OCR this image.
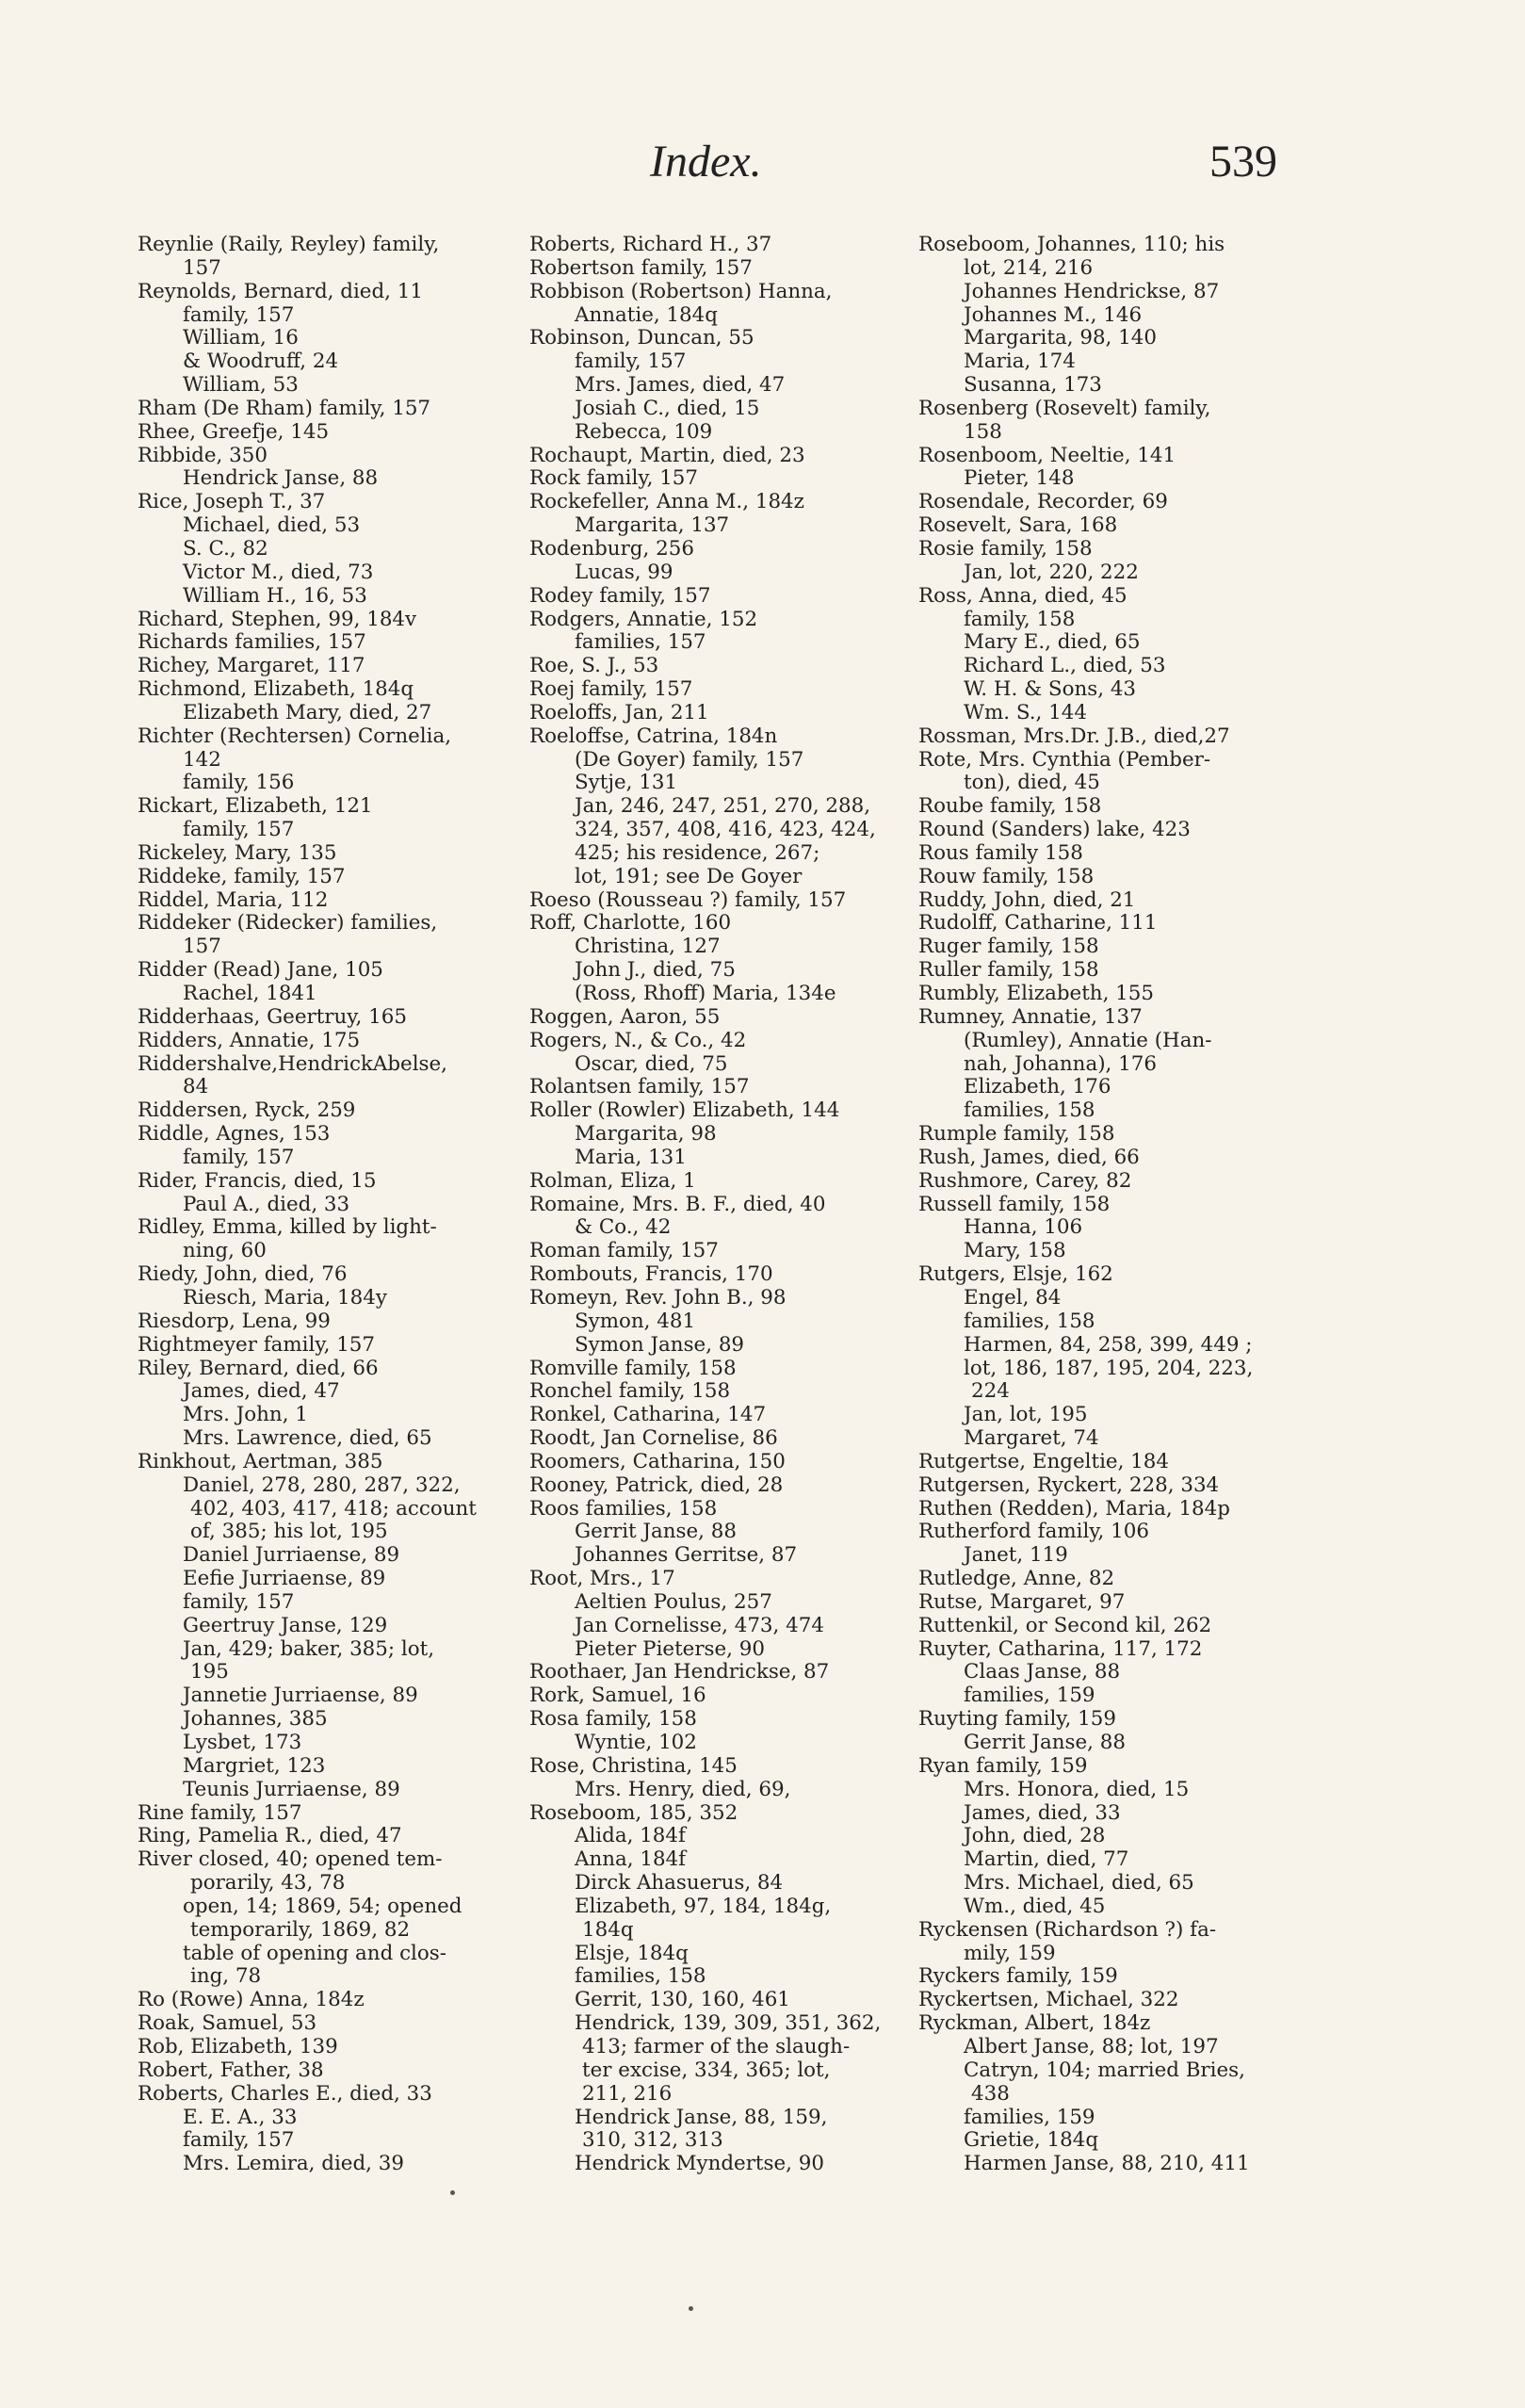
Index.	539
Reynlie (Raily, Reyley) family,
157
Reynolds, Bernard, died, 11
family, 157
William, 16
& Woodruff, 24
William, 53
Rham (De Rham) family, 157
Rhee, Greefje, 145
Ribbide, 350
Hendrick Janse, 88
Rice, Joseph T., 37
Michael, died, 53
S. C., 82
Victor M., died, 73
William H., 16, 53
Richard, Stephen, 99, 184v
Richards families, 157
Richey, Margaret, 117
Richmond, Elizabeth, 184q
Elizabeth Mary, died, 27
Richter (Rechtersen) Cornelia,
142
family, 156
Rickart, Elizabeth, 121
family, 157
Rickeley, Mary, 135
Riddeke, family, 157
Riddel, Maria, 112
Riddeker (Ridecker) families,
157
Ridder (Read) Jane, 105
Rachel, 1841
Ridderhaas, Geertruy, 165
Ridders, Annatie, 175
Riddershalve,HendrickAbelse,
84
Riddersen, Ryck, 259
Riddle, Agnes, 153
family, 157
Rider, Francis, died, 15
Paul A., died, 33
Ridley, Emma, killed by light-
ning, 60
Riedy, John, died, 76
Riesch, Maria, 184y
Riesdorp, Lena, 99
Rightmeyer family, 157
Riley, Bernard, died, 66
James, died, 47
Mrs. John, 1
Mrs. Lawrence, died, 65
Rinkhout, Aertman, 385
Daniel, 278, 280, 287, 322,
402, 403, 417, 418; account
of, 385; his lot, 195
Daniel Jurriaense, 89
Eefie Jurriaense, 89
family, 157
Geertruy Janse, 129
Jan, 429; baker, 385; lot,
195
Jannetie Jurriaense, 89
Johannes, 385
Lysbet, 173
Margriet, 123
Teunis Jurriaense, 89
Rine family, 157
Ring, Pamelia R., died, 47
River closed, 40; opened tem-
porarily, 43, 78
open, 14; 1869, 54; opened
temporarily, 1869, 82
table of opening and clos-
ing, 78
Ro (Rowe) Anna, 184z
Roak, Samuel, 53
Rob, Elizabeth, 139
Robert, Father, 38
Roberts, Charles E., died, 33
E. E. A., 33
family, 157
Mrs. Lemira, died, 39
Roberts, Richard H., 37
Robertson family, 157
Robbison (Robertson) Hanna,
Annatie, 184q
Robinson, Duncan, 55
family, 157
Mrs. James, died, 47
Josiah C., died, 15
Rebecca, 109
Rochaupt, Martin, died, 23
Rock family, 157
Rockefeller, Anna M., 184z
Margarita, 137
Rodenburg, 256
Lucas, 99
Rodey family, 157
Rodgers, Annatie, 152
families, 157
Roe, S. J., 53
Roej family, 157
Roeloffs, Jan, 211
Roeloffse, Catrina, 184n
(De Goyer) family, 157
Sytje, 131
Jan, 246, 247, 251, 270, 288,
324, 357, 408, 416, 423, 424,
425; his residence, 267;
lot, 191; see De Goyer
Roeso (Rousseau ?) family, 157
Roff, Charlotte, 160
Christina, 127
John J., died, 75
(Ross, Rhoff) Maria, 134e
Roggen, Aaron, 55
Rogers, N., & Co., 42
Oscar, died, 75
Rolantsen family, 157
Roller (Rowler) Elizabeth, 144
Margarita, 98
Maria, 131
Rolman, Eliza, 1
Romaine, Mrs. B. F., died, 40
& Co., 42
Roman family, 157
Rombouts, Francis, 170
Romeyn, Rev. John B., 98
Symon, 481
Symon Janse, 89
Romville family, 158
Ronchel family, 158
Ronkel, Catharina, 147
Roodt, Jan Cornelise, 86
Roomers, Catharina, 150
Rooney, Patrick, died, 28
Roos families, 158
Gerrit Janse, 88
Johannes Gerritse, 87
Root, Mrs., 17
Aeltien Poulus, 257
Jan Cornelisse, 473, 474
Pieter Pieterse, 90
Roothaer, Jan Hendrickse, 87
Rork, Samuel, 16
Rosa family, 158
Wyntie, 102
Rose, Christina, 145
Mrs. Henry, died, 69,
Roseboom, 185, 352
Alida, 184f
Anna, 184f
Dirck Ahasuerus, 84
Elizabeth, 97, 184, 184g,
184q
Elsje, 184q
families, 158
Gerrit, 130, 160, 461
Hendrick, 139, 309, 351, 362,
413; farmer of the slaugh-
ter excise, 334, 365; lot,
211, 216
Hendrick Janse, 88, 159,
310, 312, 313
Hendrick Myndertse, 90
Roseboom, Johannes, 110; his
lot, 214, 216
Johannes Hendrickse, 87
Johannes M., 146
Margarita, 98, 140
Maria, 174
Susanna, 173
Rosenberg (Rosevelt) family,
158
Rosenboom, Neeltie, 141
Pieter, 148
Rosendale, Recorder, 69
Rosevelt, Sara, 168
Rosie family, 158
Jan, lot, 220, 222
Ross, Anna, died, 45
family, 158
Mary E., died, 65
Richard L., died, 53
W. H. & Sons, 43
Wm. S., 144
Rossman, Mrs.Dr. J.B., died,27
Rote, Mrs. Cynthia (Pember-
ton), died, 45
Roube family, 158
Round (Sanders) lake, 423
Rous family 158
Rouw family, 158
Ruddy, John, died, 21
Rudolff, Catharine, 111
Ruger family, 158
Ruller family, 158
Rumbly, Elizabeth, 155
Rumney, Annatie, 137
(Rumley), Annatie (Han-
nah, Johanna), 176
Elizabeth, 176
families, 158
Rumple family, 158
Rush, James, died, 66
Rushmore, Carey, 82
Russell family, 158
Hanna, 106
Mary, 158
Rutgers, Elsje, 162
Engel, 84
families, 158
Harmen, 84, 258, 399, 449 ;
lot, 186, 187, 195, 204, 223,
224
Jan, lot, 195
Margaret, 74
Rutgertse, Engeltie, 184
Rutgersen, Ryckert, 228, 334
Ruthen (Redden), Maria, 184p
Rutherford family, 106
Janet, 119
Rutledge, Anne, 82
Rutse, Margaret, 97
Ruttenkil, or Second kil, 262
Ruyter, Catharina, 117, 172
Claas Janse, 88
families, 159
Ruyting family, 159
Gerrit Janse, 88
Ryan family, 159
Mrs. Honora, died, 15
James, died, 33
John, died, 28
Martin, died, 77
Mrs. Michael, died, 65
Wm., died, 45
Ryckensen (Richardson ?) fa-
mily, 159
Ryckers family, 159
Ryckertsen, Michael, 322
Ryckman, Albert, 184z
Albert Janse, 88; lot, 197
Catryn, 104; married Bries,
438
families, 159
Grietie, 184q
Harmen Janse, 88, 210, 411
